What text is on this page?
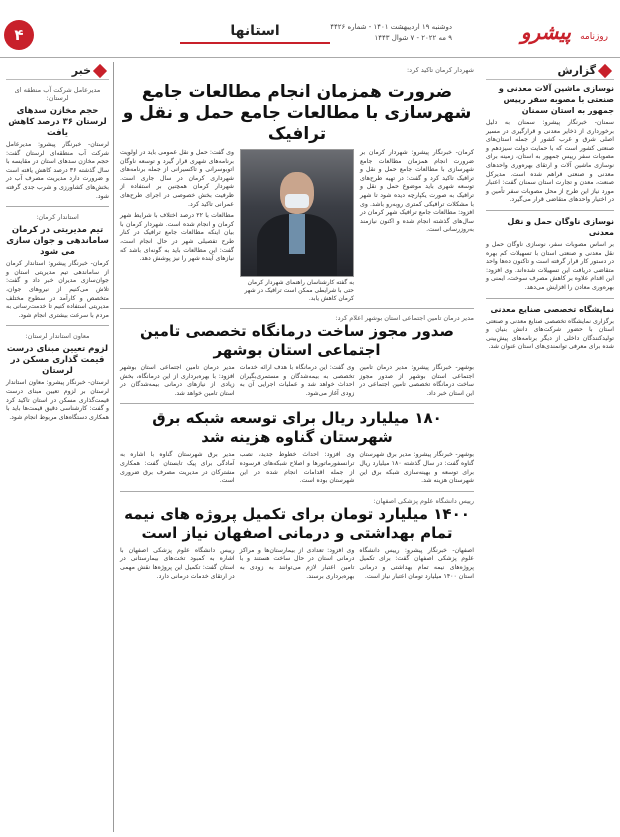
۴	استانها	دوشنبه ۱۹ اردیبهشت ۱۴۰۱ - شماره ۴۴۲۶
۹ مه ۲۰۲۲ - ۷ شوال ۱۴۴۳	روزنامه پیشرو
گزارش
نوسازی ماشین آلات معدنی و صنعتی با مصوبه سفر رییس جمهور به استان سمنان
سمنان- خبرنگار پیشرو: سمنان به دلیل برخورداری از ذخایر معدنی و قرارگیری در مسیر اصلی شرق و غرب کشور از جمله استان‌های صنعتی کشور است که با حمایت دولت سیزدهم و مصوبات سفر رییس جمهور به استان، زمینه برای نوسازی ماشین آلات و ارتقای بهره‌وری واحدهای معدنی و صنعتی فراهم شده است. مدیرکل صنعت، معدن و تجارت استان سمنان گفت: اعتبار مورد نیاز این طرح از محل مصوبات سفر تأمین و در اختیار واحدهای متقاضی قرار می‌گیرد.
نوسازی ناوگان حمل و نقل معدنی
بر اساس مصوبات سفر، نوسازی ناوگان حمل و نقل معدنی و صنعتی استان با تسهیلات کم بهره در دستور کار قرار گرفته است و تاکنون ده‌ها واحد متقاضی دریافت این تسهیلات شده‌اند. وی افزود: این اقدام علاوه بر کاهش مصرف سوخت، ایمنی و بهره‌وری معادن را افزایش می‌دهد.
نمایشگاه تخصصی صنایع معدنی
برگزاری نمایشگاه تخصصی صنایع معدنی و صنعتی استان با حضور شرکت‌های دانش بنیان و تولیدکنندگان داخلی از دیگر برنامه‌های پیش‌بینی شده برای معرفی توانمندی‌های استان عنوان شد.
خبر
مدیرعامل شرکت آب منطقه ای لرستان:
حجم مخازن سدهای لرستان ۳۶ درصد کاهش یافت
لرستان- خبرنگار پیشرو: مدیرعامل شرکت آب منطقه‌ای لرستان گفت: حجم مخازن سدهای استان در مقایسه با سال گذشته ۳۶ درصد کاهش یافته است و ضرورت دارد مدیریت مصرف آب در بخش‌های کشاورزی و شرب جدی گرفته شود.
استاندار کرمان:
تیم مدیریتی در کرمان ساماندهی و جوان سازی می شود
کرمان- خبرنگار پیشرو: استاندار کرمان از ساماندهی تیم مدیریتی استان و جوان‌سازی مدیران خبر داد و گفت: تلاش می‌کنیم از نیروهای جوان، متخصص و کارآمد در سطوح مختلف مدیریتی استفاده کنیم تا خدمت‌رسانی به مردم با سرعت بیشتری انجام شود.
معاون استاندار لرستان:
لزوم تعیین مبنای درست قیمت گذاری مسکن در لرستان
لرستان- خبرنگار پیشرو: معاون استاندار لرستان بر لزوم تعیین مبنای درست قیمت‌گذاری مسکن در استان تاکید کرد و گفت: کارشناسی دقیق قیمت‌ها باید با همکاری دستگاه‌های مربوط انجام شود.
شهردار کرمان تاکید کرد:
ضرورت همزمان انجام مطالعات جامع شهرسازی با مطالعات جامع حمل و نقل و ترافیک
کرمان- خبرنگار پیشرو: شهردار کرمان بر ضرورت انجام همزمان مطالعات جامع شهرسازی با مطالعات جامع حمل و نقل و ترافیک تاکید کرد و گفت: در تهیه طرح‌های توسعه شهری باید موضوع حمل و نقل و ترافیک به صورت یکپارچه دیده شود تا شهر با مشکلات ترافیکی کمتری روبه‌رو باشد. وی افزود: مطالعات جامع ترافیک شهر کرمان در سال‌های گذشته انجام شده و اکنون نیازمند به‌روزرسانی است.
به گفته کارشناسان راهنمای شهردار کرمان حتی با شرایطی ممکن است ترافیک در شهر کرمان کاهش یابد.
وی گفت: حمل و نقل عمومی باید در اولویت برنامه‌های شهری قرار گیرد و توسعه ناوگان اتوبوسرانی و تاکسیرانی از جمله برنامه‌های شهرداری کرمان در سال جاری است. شهردار کرمان همچنین بر استفاده از ظرفیت بخش خصوصی در اجرای طرح‌های عمرانی تاکید کرد.
مطالعات با ۲۲ درصد اختلاف با شرایط شهر کرمان و انجام شده است. شهردار کرمان با بیان اینکه مطالعات جامع ترافیک در کنار طرح تفصیلی شهر در حال انجام است، گفت: این مطالعات باید به گونه‌ای باشد که نیازهای آینده شهر را نیز پوشش دهد.
مدیر درمان تامین اجتماعی استان بوشهر اعلام کرد:
صدور مجوز ساخت درمانگاه تخصصی تامین اجتماعی استان بوشهر
بوشهر- خبرنگار پیشرو: مدیر درمان تامین اجتماعی استان بوشهر از صدور مجوز ساخت درمانگاه تخصصی تامین اجتماعی در این استان خبر داد.
وی گفت: این درمانگاه با هدف ارائه خدمات تخصصی به بیمه‌شدگان و مستمری‌بگیران احداث خواهد شد و عملیات اجرایی آن به زودی آغاز می‌شود.
مدیر درمان تامین اجتماعی استان بوشهر افزود: با بهره‌برداری از این درمانگاه، بخش زیادی از نیازهای درمانی بیمه‌شدگان در استان تامین خواهد شد.
۱۸۰ میلیارد ریال برای توسعه شبکه برق شهرستان گناوه هزینه شد
بوشهر- خبرنگار پیشرو: مدیر برق شهرستان گناوه گفت: در سال گذشته ۱۸۰ میلیارد ریال برای توسعه و بهینه‌سازی شبکه برق این شهرستان هزینه شد.
وی افزود: احداث خطوط جدید، نصب ترانسفورماتورها و اصلاح شبکه‌های فرسوده از جمله اقدامات انجام شده در این شهرستان بوده است.
مدیر برق شهرستان گناوه با اشاره به آمادگی برای پیک تابستان گفت: همکاری مشترکان در مدیریت مصرف برق ضروری است.
رییس دانشگاه علوم پزشکی اصفهان:
۱۴۰۰ میلیارد تومان برای تکمیل پروژه های نیمه تمام بهداشتی و درمانی اصفهان نیاز است
اصفهان- خبرنگار پیشرو: رییس دانشگاه علوم پزشکی اصفهان گفت: برای تکمیل پروژه‌های نیمه تمام بهداشتی و درمانی استان ۱۴۰۰ میلیارد تومان اعتبار نیاز است.
وی افزود: تعدادی از بیمارستان‌ها و مراکز درمانی استان در حال ساخت هستند و با تامین اعتبار لازم می‌توانند به زودی به بهره‌برداری برسند.
رییس دانشگاه علوم پزشکی اصفهان با اشاره به کمبود تخت‌های بیمارستانی در استان گفت: تکمیل این پروژه‌ها نقش مهمی در ارتقای خدمات درمانی دارد.
